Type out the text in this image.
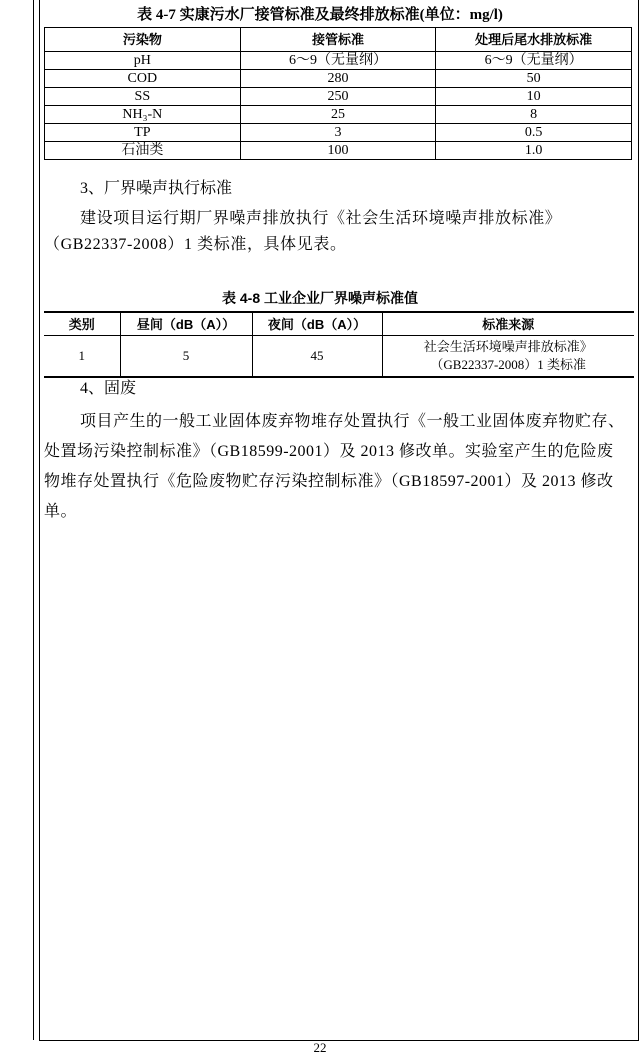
表 4-7 实康污水厂接管标准及最终排放标准(单位：mg/l)
污染物	接管标准	处理后尾水排放标准
pH	6～9（无量纲）	6～9（无量纲）
COD	280	50
SS	250	10
NH₃-N	25	8
TP	3	0.5
石油类	100	1.0
3、厂界噪声执行标准
建设项目运行期厂界噪声排放执行《社会生活环境噪声排放标准》（GB22337-2008）1 类标准，具体见表。
表 4-8 工业企业厂界噪声标准值
类别	昼间（dB（A））	夜间（dB（A））	标准来源
1	5	45	社会生活环境噪声排放标准》
（GB22337-2008）1 类标准
4、固废
项目产生的一般工业固体废弃物堆存处置执行《一般工业固体废弃物贮存、处置场污染控制标准》（GB18599-2001）及 2013 修改单。实验室产生的危险废物堆存处置执行《危险废物贮存污染控制标准》（GB18597-2001）及 2013 修改单。
22
